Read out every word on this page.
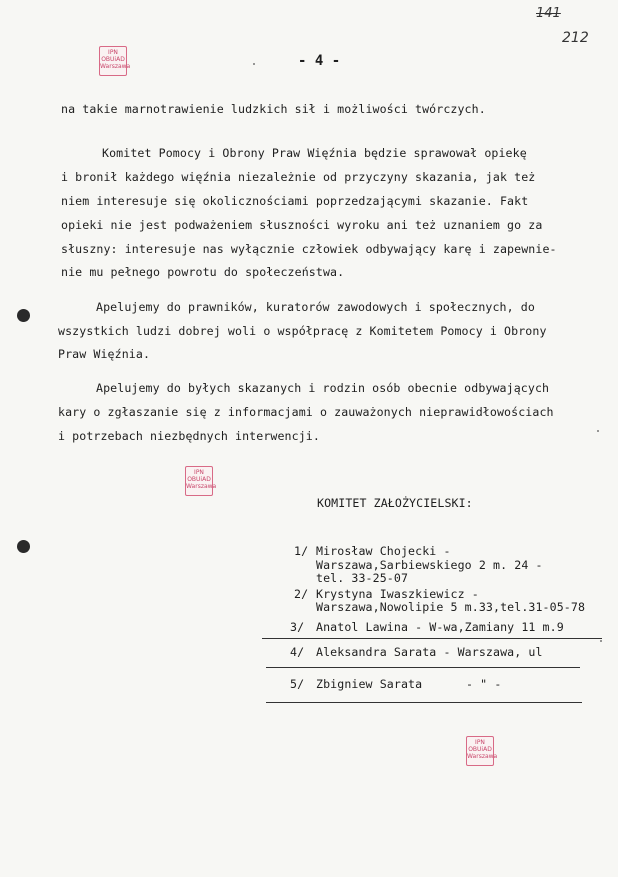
141
212
- 4 -
IPN
OBUiAD
Warszawa
IPN
OBUiAD
Warszawa
IPN
OBUiAD
Warszawa
na takie marnotrawienie ludzkich sił i możliwości twórczych.
Komitet Pomocy i Obrony Praw Więźnia będzie sprawował opiekę
i bronił każdego więźnia niezależnie od przyczyny skazania, jak też
niem interesuje się okolicznościami poprzedzającymi skazanie. Fakt
opieki nie jest podważeniem słuszności wyroku ani też uznaniem go za
słuszny: interesuje nas wyłącznie człowiek odbywający karę i zapewnie-
nie mu pełnego powrotu do społeczeństwa.
Apelujemy do prawników, kuratorów zawodowych i społecznych, do
wszystkich ludzi dobrej woli o współpracę z Komitetem Pomocy i Obrony
Praw Więźnia.
Apelujemy do byłych skazanych i rodzin osób obecnie odbywających
kary o zgłaszanie się z informacjami o zauważonych nieprawidłowościach
i potrzebach niezbędnych interwencji.
KOMITET ZAŁOŻYCIELSKI:
1/ Mirosław Chojecki -
Warszawa,Sarbiewskiego 2 m. 24 -
tel. 33-25-07
2/ Krystyna Iwaszkiewicz -
Warszawa,Nowolipie 5 m.33,tel.31-05-78
3/ Anatol Lawina - W-wa,Zamiany 11 m.9
4/ Aleksandra Sarata - Warszawa, ul
5/ Zbigniew Sarata	- " -
